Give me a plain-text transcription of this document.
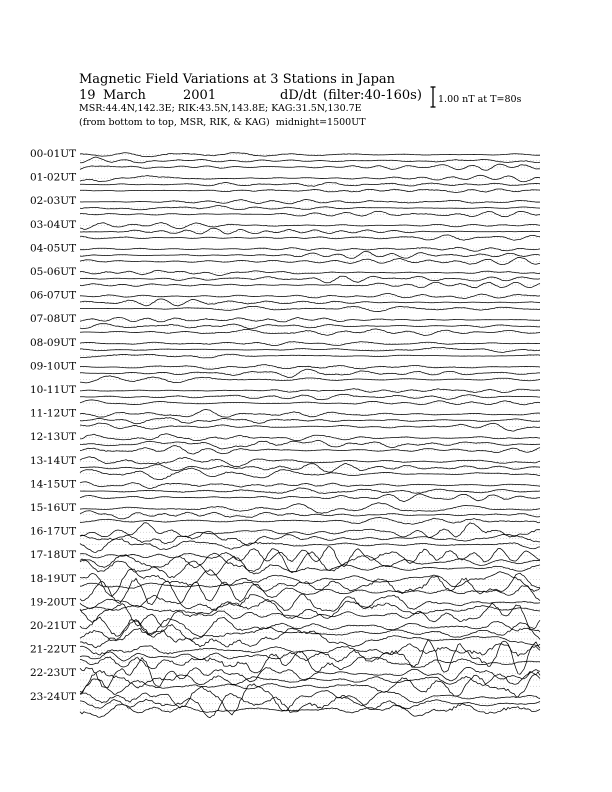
Magnetic Field Variations at 3 Stations in Japan
19 March	2001	dD/dt (filter:40-160s)
MSR:44.4N,142.3E; RIK:43.5N,143.8E; KAG:31.5N,130.7E
(from bottom to top, MSR, RIK, & KAG) midnight=1500UT
1.00 nT at T=80s
00-01UT
01-02UT
02-03UT
03-04UT
04-05UT
05-06UT
06-07UT
07-08UT
08-09UT
09-10UT
10-11UT
11-12UT
12-13UT
13-14UT
14-15UT
15-16UT
16-17UT
17-18UT
18-19UT
19-20UT
20-21UT
21-22UT
22-23UT
23-24UT
